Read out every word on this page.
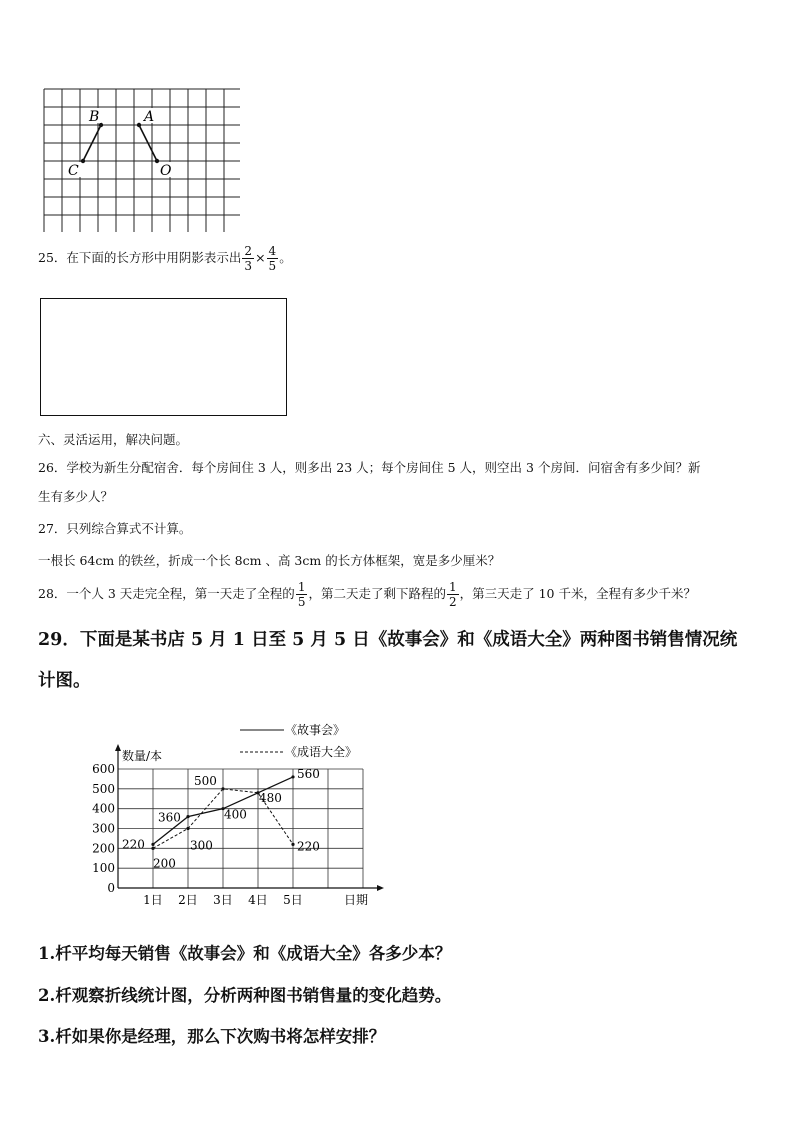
B	A
C	O
25．在下面的长方形中用阴影表示出 $\frac{2}{3} \times \frac{4}{5}$ 。
六、灵活运用，解决问题。
26．学校为新生分配宿舍．每个房间住 3 人，则多出 23 人；每个房间住 5 人，则空出 3 个房间．问宿舍有多少间？新
生有多少人？
27．只列综合算式不计算。
一根长 64cm 的铁丝，折成一个长 8cm 、高 3cm 的长方体框架，宽是多少厘米？
28．一个人 3 天走完全程，第一天走了全程的 $\frac{1}{5}$ ，第二天走了剩下路程的 $\frac{1}{2}$ ，第三天走了 10 千米，全程有多少千米？
29．下面是某书店 5 月 1 日至 5 月 5 日《故事会》和《成语大全》两种图书销售情况统
计图。
0
100
200
300
400
500
600
1日 2日 3日 4日 5日	日期
数量/本
《故事会》
《成语大全》
220
360	400
480
560
200
300
500
220
1.杄平均每天销售《故事会》和《成语大全》各多少本？
2.杄观察折线统计图，分析两种图书销售量的变化趋势。
3.杄如果你是经理，那么下次购书将怎样安排？
